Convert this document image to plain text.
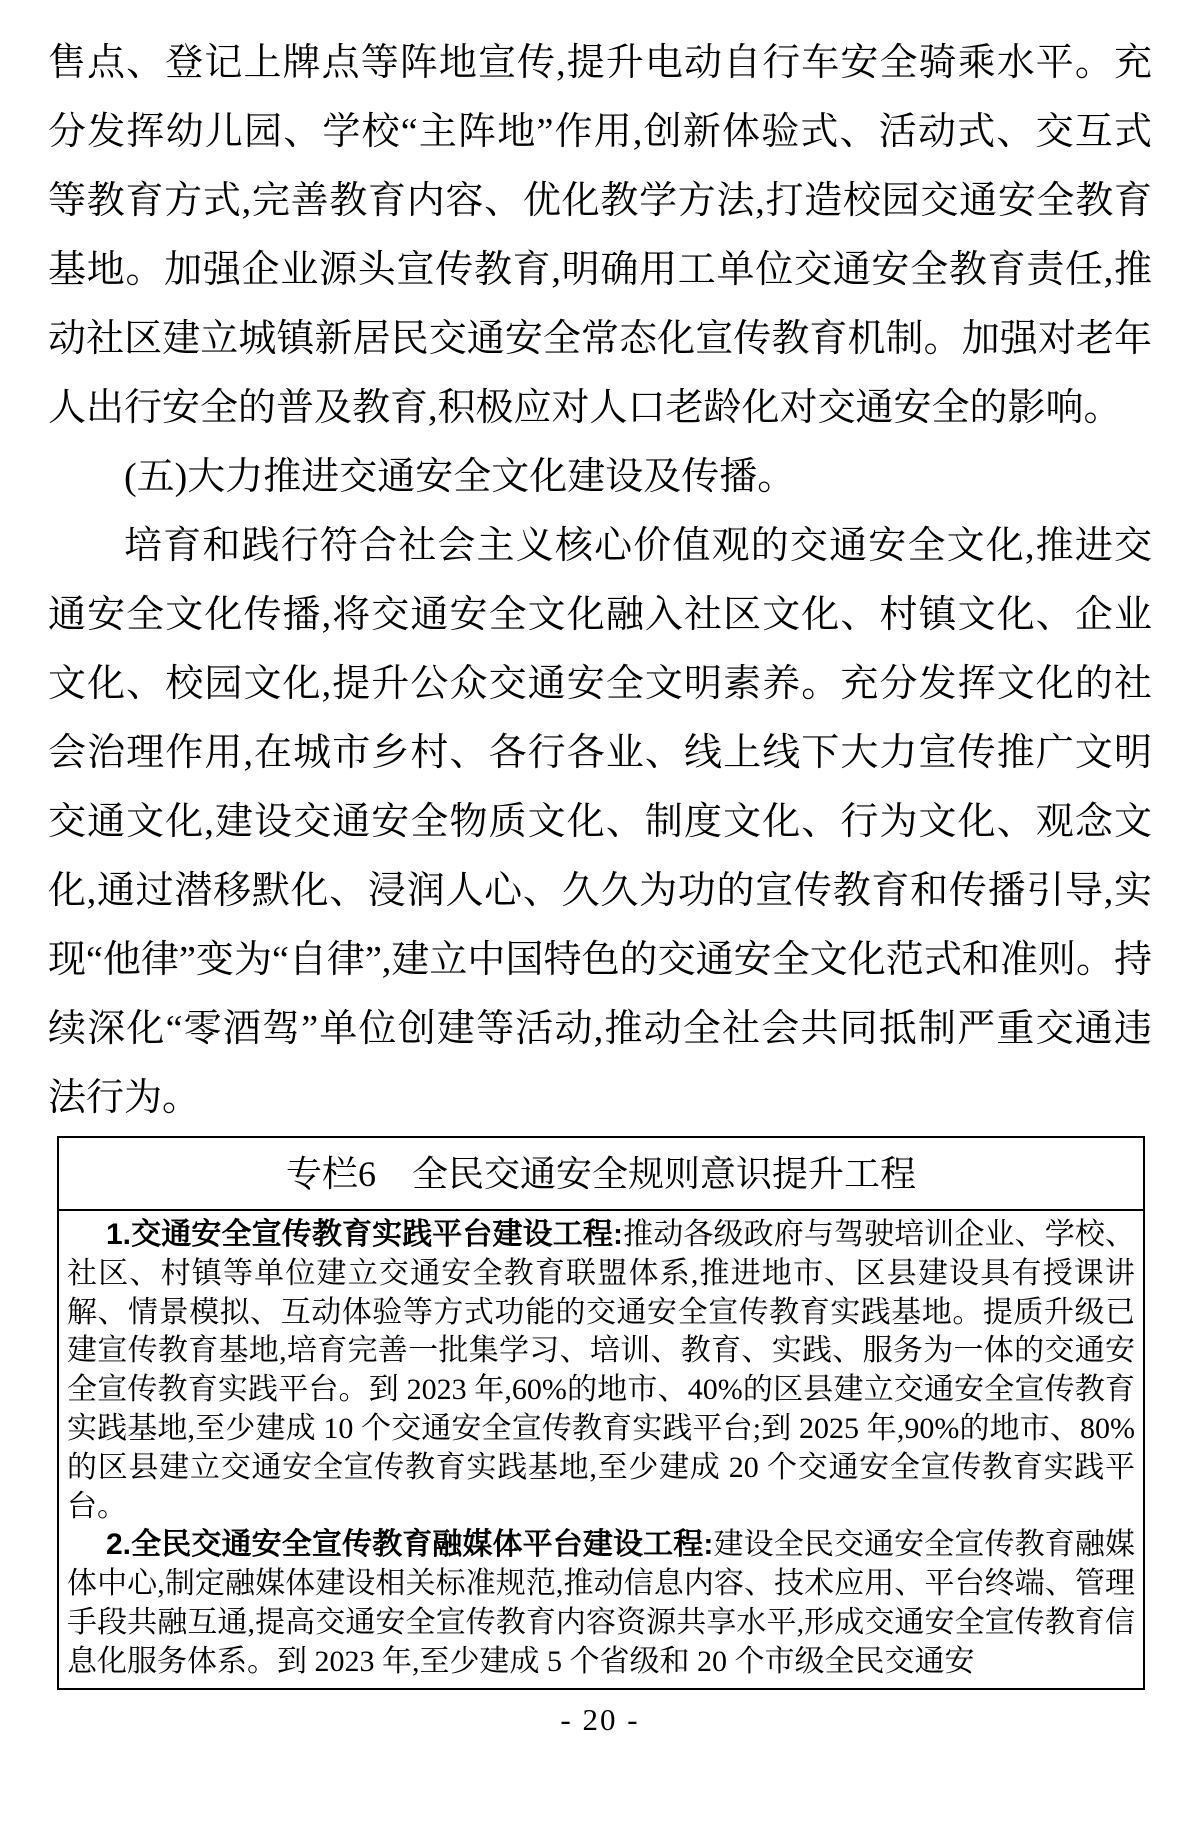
售点、登记上牌点等阵地宣传,提升电动自行车安全骑乘水平。充分发挥幼儿园、学校“主阵地”作用,创新体验式、活动式、交互式等教育方式,完善教育内容、优化教学方法,打造校园交通安全教育基地。加强企业源头宣传教育,明确用工单位交通安全教育责任,推动社区建立城镇新居民交通安全常态化宣传教育机制。加强对老年人出行安全的普及教育,积极应对人口老龄化对交通安全的影响。

(五)大力推进交通安全文化建设及传播。

培育和践行符合社会主义核心价值观的交通安全文化,推进交通安全文化传播,将交通安全文化融入社区文化、村镇文化、企业文化、校园文化,提升公众交通安全文明素养。充分发挥文化的社会治理作用,在城市乡村、各行各业、线上线下大力宣传推广文明交通文化,建设交通安全物质文化、制度文化、行为文化、观念文化,通过潜移默化、浸润人心、久久为功的宣传教育和传播引导,实现“他律”变为“自律”,建立中国特色的交通安全文化范式和准则。持续深化“零酒驾”单位创建等活动,推动全社会共同抵制严重交通违法行为。

专栏6　全民交通安全规则意识提升工程

1.交通安全宣传教育实践平台建设工程:推动各级政府与驾驶培训企业、学校、社区、村镇等单位建立交通安全教育联盟体系,推进地市、区县建设具有授课讲解、情景模拟、互动体验等方式功能的交通安全宣传教育实践基地。提质升级已建宣传教育基地,培育完善一批集学习、培训、教育、实践、服务为一体的交通安全宣传教育实践平台。到 2023 年,60%的地市、40%的区县建立交通安全宣传教育实践基地,至少建成 10 个交通安全宣传教育实践平台;到 2025 年,90%的地市、80%的区县建立交通安全宣传教育实践基地,至少建成 20 个交通安全宣传教育实践平台。

2.全民交通安全宣传教育融媒体平台建设工程:建设全民交通安全宣传教育融媒体中心,制定融媒体建设相关标准规范,推动信息内容、技术应用、平台终端、管理手段共融互通,提高交通安全宣传教育内容资源共享水平,形成交通安全宣传教育信息化服务体系。到 2023 年,至少建成 5 个省级和 20 个市级全民交通安

- 20 -
